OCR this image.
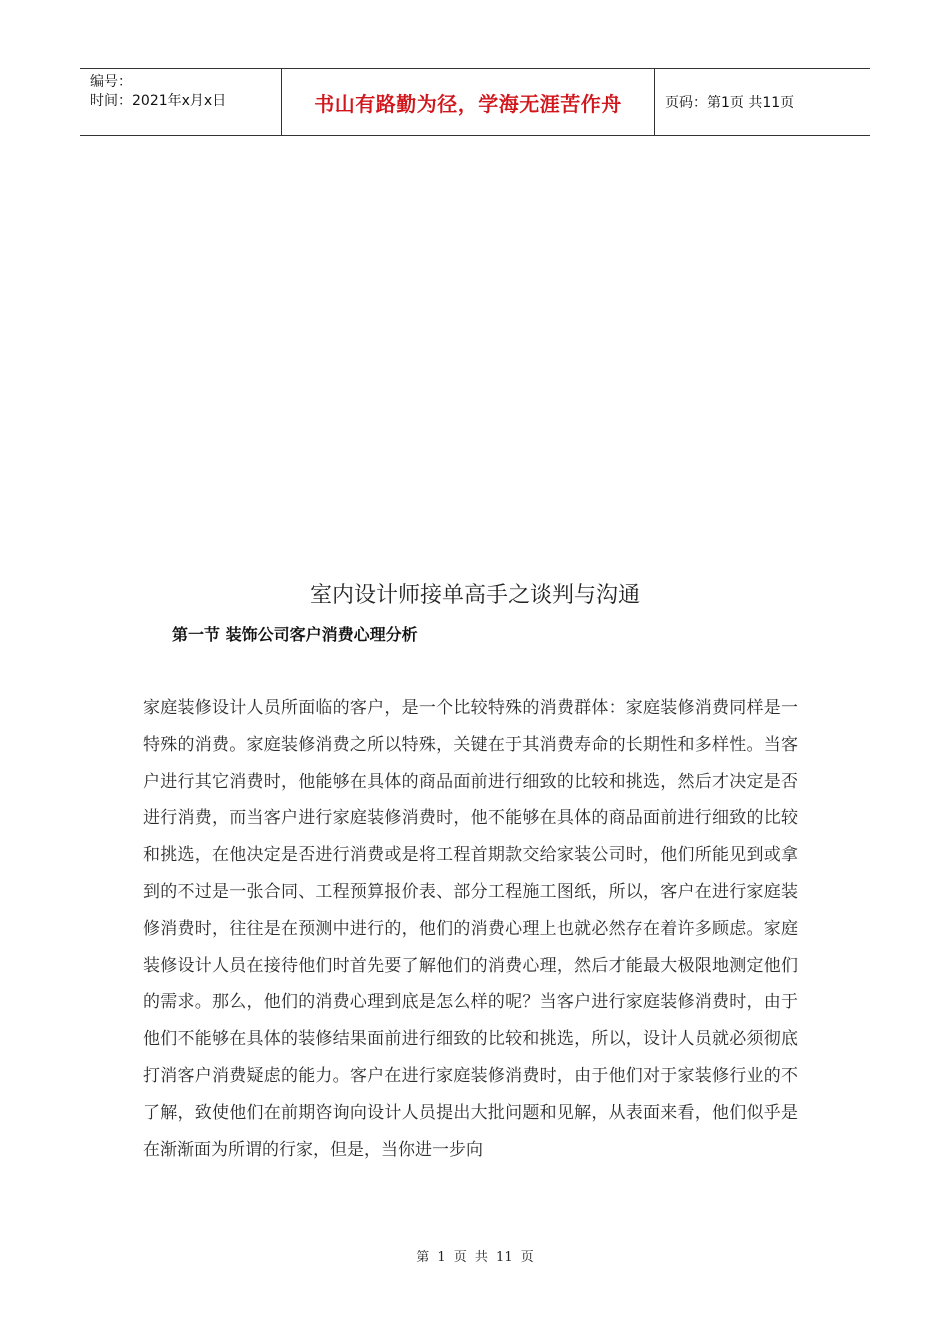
编号：
时间：2021年x月x日	书山有路勤为径，学海无涯苦作舟	页码：第1页 共11页
室内设计师接单高手之谈判与沟通
第一节 装饰公司客户消费心理分析

家庭装修设计人员所面临的客户，是一个比较特殊的消费群体：家庭装修消费同样是一特殊的消费。家庭装修消费之所以特殊，关键在于其消费寿命的长期性和多样性。当客户进行其它消费时，他能够在具体的商品面前进行细致的比较和挑选，然后才决定是否进行消费，而当客户进行家庭装修消费时，他不能够在具体的商品面前进行细致的比较和挑选，在他决定是否进行消费或是将工程首期款交给家装公司时，他们所能见到或拿到的不过是一张合同、工程预算报价表、部分工程施工图纸，所以，客户在进行家庭装修消费时，往往是在预测中进行的，他们的消费心理上也就必然存在着许多顾虑。家庭装修设计人员在接待他们时首先要了解他们的消费心理，然后才能最大极限地测定他们的需求。那么，他们的消费心理到底是怎么样的呢？当客户进行家庭装修消费时，由于他们不能够在具体的装修结果面前进行细致的比较和挑选，所以，设计人员就必须彻底打消客户消费疑虑的能力。客户在进行家庭装修消费时，由于他们对于家装修行业的不了解，致使他们在前期咨询向设计人员提出大批问题和见解，从表面来看，他们似乎是在渐渐面为所谓的行家，但是，当你进一步向

第 1 页 共 11 页
